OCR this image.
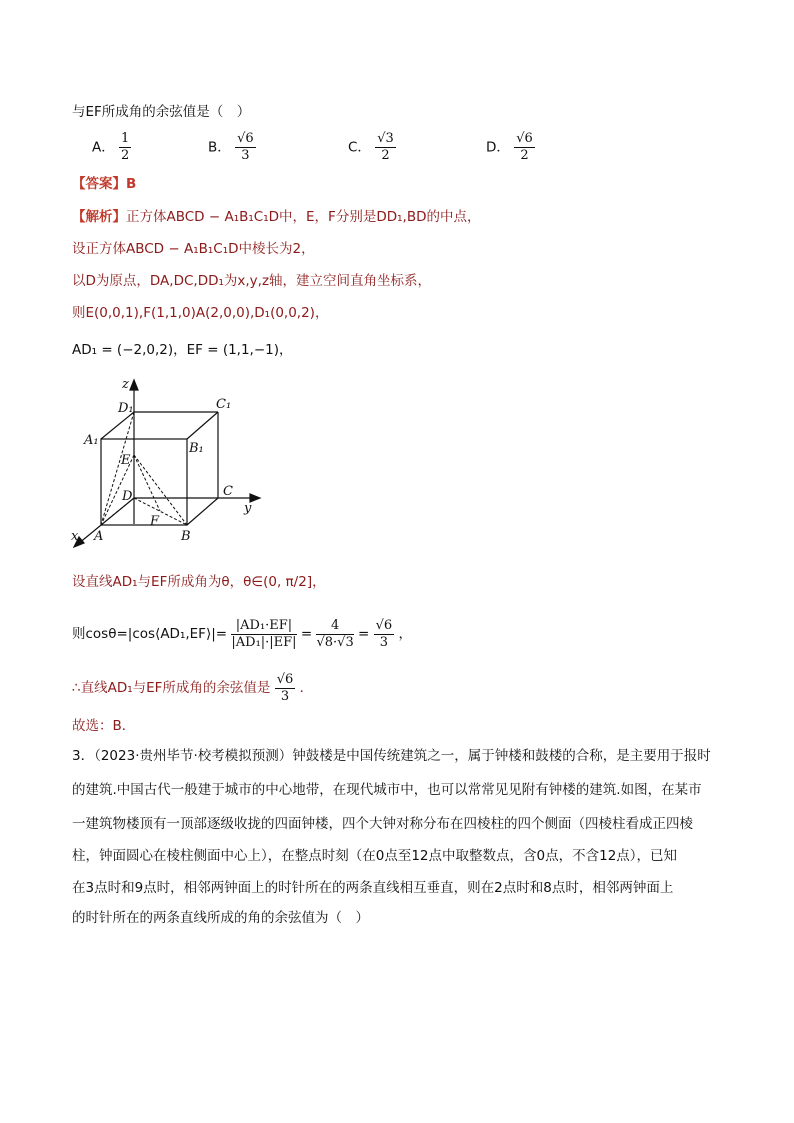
与EF所成角的余弦值是（　）
A． $\frac{1}{2}$	B． $\frac{√6}{3}$	C． $\frac{√3}{2}$	D． $\frac{√6}{2}$
【答案】B
【解析】正方体ABCD − A₁B₁C₁D中，E，F分别是DD₁,BD的中点，
设正方体ABCD − A₁B₁C₁D中棱长为2，
以D为原点，DA,DC,DD₁为x,y,z轴，建立空间直角坐标系，
则E(0,0,1),F(1,1,0)A(2,0,0),D₁(0,0,2)，
AD₁ = (−2,0,2)，EF = (1,1,−1)，
z
D₁	C₁
A₁
B₁
E
D	C
y
F
x A	B
设直线AD₁与EF所成角为θ，θ∈(0, π/2]，
则cosθ=|cos⟨AD₁,EF⟩|= $\frac{\text{|AD₁·EF|}}{\text{|AD₁|·|EF|}} = \frac{4}{√8\cdot√3} = \frac{√6}{3}$ ，
∴直线AD₁与EF所成角的余弦值是 $\frac{√6}{3}$ ．
故选：B．
3．（2023·贵州毕节·校考模拟预测）钟鼓楼是中国传统建筑之一，属于钟楼和鼓楼的合称，是主要用于报时
的建筑.中国古代一般建于城市的中心地带，在现代城市中，也可以常常见见附有钟楼的建筑.如图，在某市
一建筑物楼顶有一顶部逐级收拢的四面钟楼，四个大钟对称分布在四棱柱的四个侧面（四棱柱看成正四棱
柱，钟面圆心在棱柱侧面中心上），在整点时刻（在0点至12点中取整数点，含0点，不含12点），已知
在3点时和9点时，相邻两钟面上的时针所在的两条直线相互垂直，则在2点时和8点时，相邻两钟面上
的时针所在的两条直线所成的角的余弦值为（　）
